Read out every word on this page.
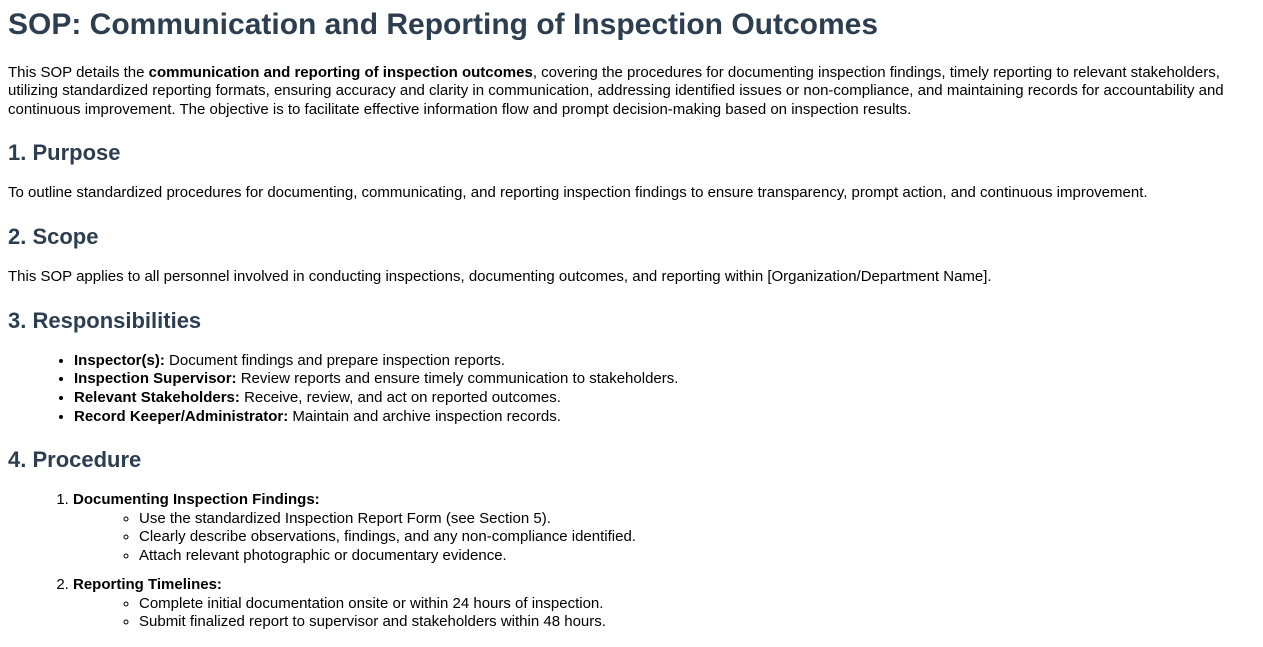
SOP: Communication and Reporting of Inspection Outcomes

This SOP details the communication and reporting of inspection outcomes, covering the procedures for documenting inspection findings, timely reporting to relevant stakeholders, utilizing standardized reporting formats, ensuring accuracy and clarity in communication, addressing identified issues or non-compliance, and maintaining records for accountability and continuous improvement. The objective is to facilitate effective information flow and prompt decision-making based on inspection results.

1. Purpose

To outline standardized procedures for documenting, communicating, and reporting inspection findings to ensure transparency, prompt action, and continuous improvement.

2. Scope

This SOP applies to all personnel involved in conducting inspections, documenting outcomes, and reporting within [Organization/Department Name].

3. Responsibilities
• Inspector(s): Document findings and prepare inspection reports.
• Inspection Supervisor: Review reports and ensure timely communication to stakeholders.
• Relevant Stakeholders: Receive, review, and act on reported outcomes.
• Record Keeper/Administrator: Maintain and archive inspection records.
4. Procedure
1. Documenting Inspection Findings:
◦ Use the standardized Inspection Report Form (see Section 5).
◦ Clearly describe observations, findings, and any non-compliance identified.
◦ Attach relevant photographic or documentary evidence.
2. Reporting Timelines:
◦ Complete initial documentation onsite or within 24 hours of inspection.
◦ Submit finalized report to supervisor and stakeholders within 48 hours.
